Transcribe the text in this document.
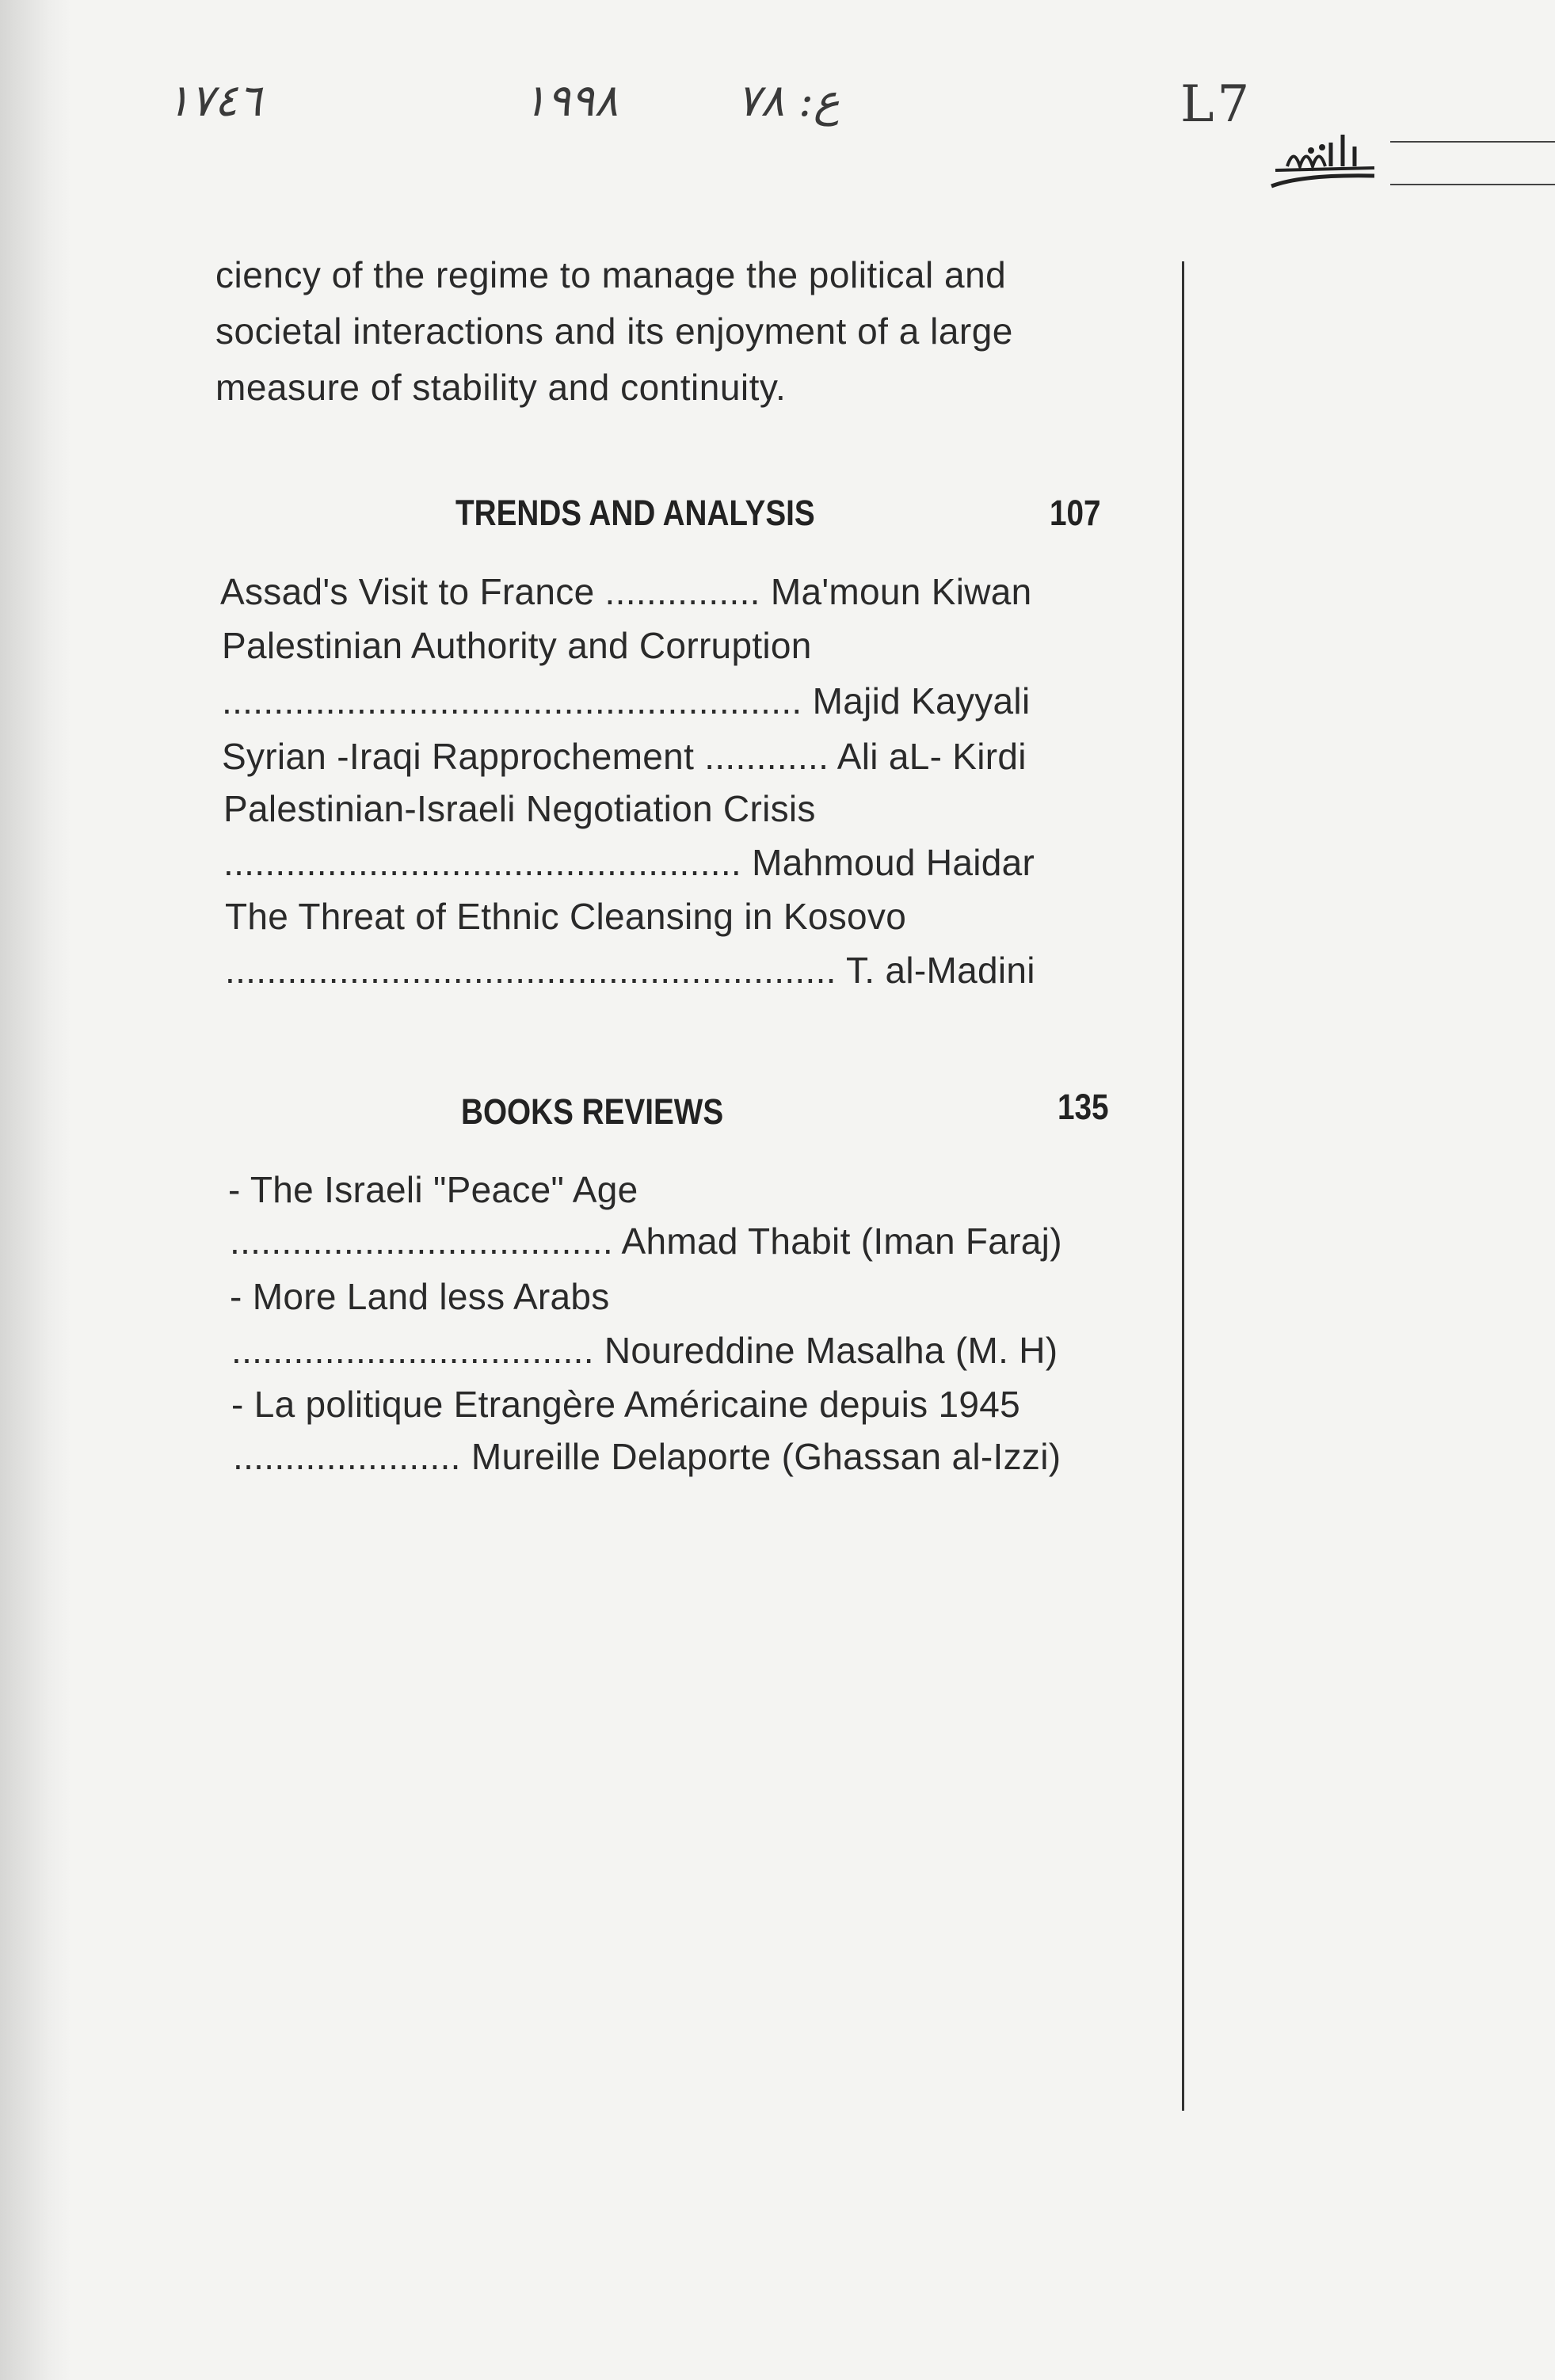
١٧٤٦	١٩٩٨	ع: ٧٨	L7
ciency of the regime to manage the political and
societal interactions and its enjoyment of a large
measure of stability and continuity.
TRENDS AND ANALYSIS	107
Assad's Visit to France ............... Ma'moun Kiwan
Palestinian Authority and Corruption
........................................................ Majid Kayyali
Syrian -Iraqi Rapprochement ............ Ali aL- Kirdi
Palestinian-Israeli Negotiation Crisis
.................................................. Mahmoud Haidar
The Threat of Ethnic Cleansing in Kosovo
........................................................... T. al-Madini
BOOKS REVIEWS	135
- The Israeli "Peace" Age
..................................... Ahmad Thabit (Iman Faraj)
- More Land less Arabs
................................... Noureddine Masalha (M. H)
- La politique Etrangère Américaine depuis 1945
...................... Mureille Delaporte (Ghassan al-Izzi)
